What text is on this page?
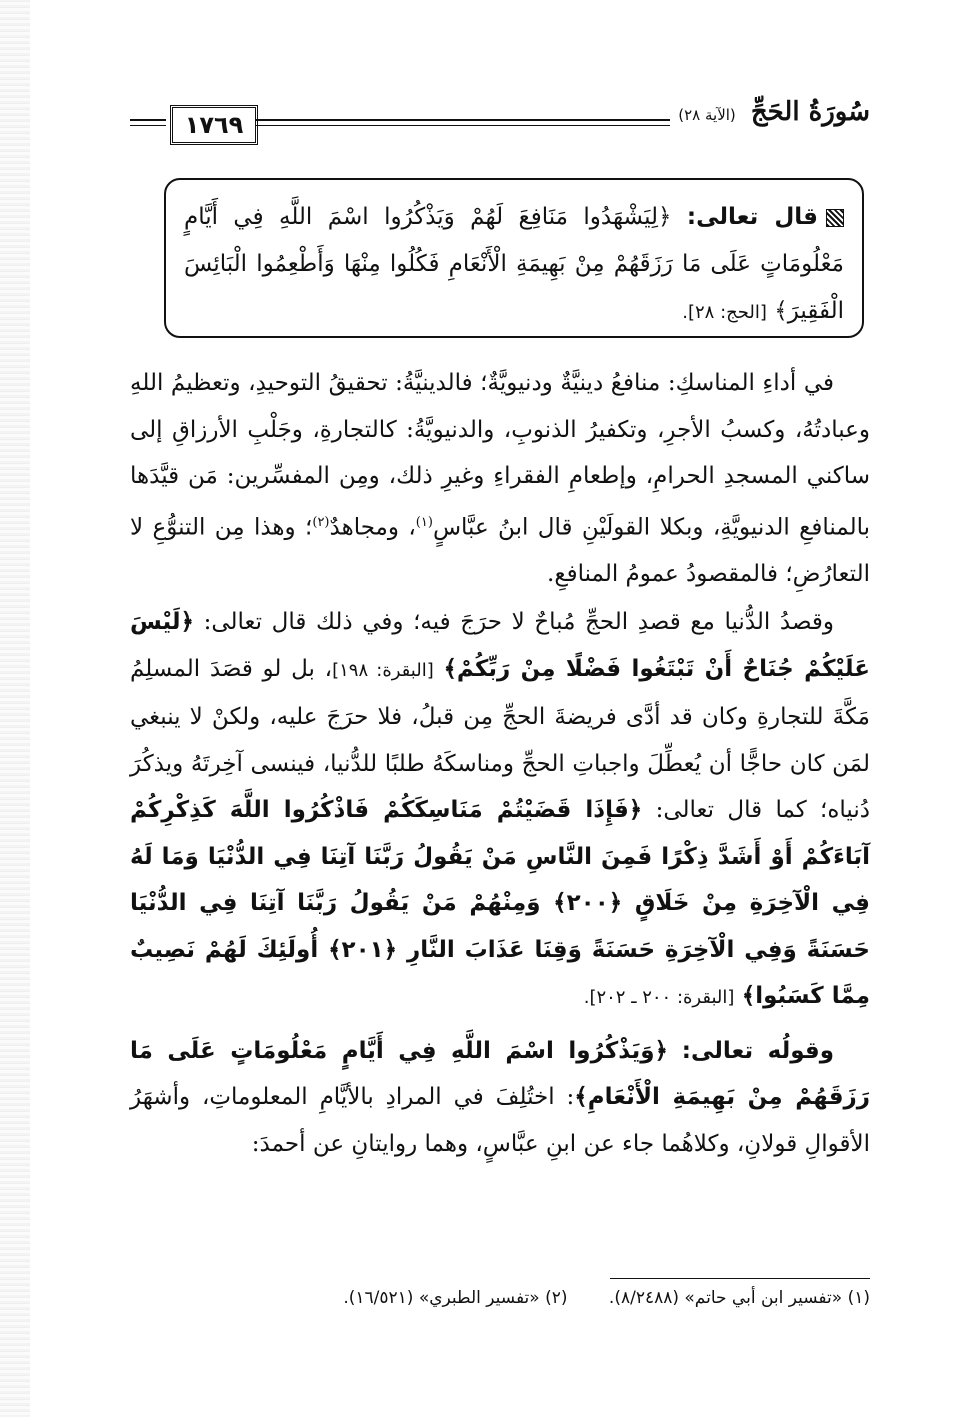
١٧٦٩	سُورَةُ الحَجِّ (الآية ٢٨)
قال تعالى: ﴿لِيَشْهَدُوا مَنَافِعَ لَهُمْ وَيَذْكُرُوا اسْمَ اللَّهِ فِي أَيَّامٍ مَعْلُومَاتٍ عَلَى مَا رَزَقَهُمْ مِنْ بَهِيمَةِ الْأَنْعَامِ فَكُلُوا مِنْهَا وَأَطْعِمُوا الْبَائِسَ الْفَقِيرَ﴾ [الحج: ٢٨].

في أداءِ المناسكِ: منافعُ دينيَّةٌ ودنيويَّةٌ؛ فالدينيَّةُ: تحقيقُ التوحيدِ، وتعظيمُ اللهِ وعبادتُهُ، وكسبُ الأجرِ، وتكفيرُ الذنوبِ، والدنيويَّةُ: كالتجارةِ، وجَلْبِ الأرزاقِ إلى ساكني المسجدِ الحرامِ، وإطعامِ الفقراءِ وغيرِ ذلك، ومِن المفسِّرين: مَن قيَّدَها بالمنافعِ الدنيويَّةِ، وبكلا القولَيْنِ قال ابنُ عبَّاسٍ$^{(١)}$، ومجاهدٌ$^{(٢)}$؛ وهذا مِن التنوُّعِ لا التعارُضِ؛ فالمقصودُ عمومُ المنافعِ.

وقصدُ الدُّنيا مع قصدِ الحجِّ مُباحٌ لا حرَجَ فيه؛ وفي ذلك قال تعالى: ﴿لَيْسَ عَلَيْكُمْ جُنَاحٌ أَنْ تَبْتَغُوا فَضْلًا مِنْ رَبِّكُمْ﴾ [البقرة: ١٩٨]، بل لو قصَدَ المسلِمُ مَكَّةَ للتجارةِ وكان قد أدَّى فريضةَ الحجِّ مِن قبلُ، فلا حرَجَ عليه، ولكنْ لا ينبغي لمَن كان حاجًّا أن يُعطِّلَ واجباتِ الحجِّ ومناسكَهُ طلبًا للدُّنيا، فينسى آخِرتَهُ ويذكُرَ دُنياه؛ كما قال تعالى: ﴿فَإِذَا قَضَيْتُمْ مَنَاسِكَكُمْ فَاذْكُرُوا اللَّهَ كَذِكْرِكُمْ آبَاءَكُمْ أَوْ أَشَدَّ ذِكْرًا فَمِنَ النَّاسِ مَنْ يَقُولُ رَبَّنَا آتِنَا فِي الدُّنْيَا وَمَا لَهُ فِي الْآخِرَةِ مِنْ خَلَاقٍ ﴿٢٠٠﴾ وَمِنْهُمْ مَنْ يَقُولُ رَبَّنَا آتِنَا فِي الدُّنْيَا حَسَنَةً وَفِي الْآخِرَةِ حَسَنَةً وَقِنَا عَذَابَ النَّارِ ﴿٢٠١﴾ أُولَئِكَ لَهُمْ نَصِيبٌ مِمَّا كَسَبُوا﴾ [البقرة: ٢٠٠ ـ ٢٠٢].

وقولُه تعالى: ﴿وَيَذْكُرُوا اسْمَ اللَّهِ فِي أَيَّامٍ مَعْلُومَاتٍ عَلَى مَا رَزَقَهُمْ مِنْ بَهِيمَةِ الْأَنْعَامِ﴾: اختُلِفَ في المرادِ بالأيَّامِ المعلوماتِ، وأشهَرُ الأقوالِ قولانِ، وكلاهُما جاء عن ابنِ عبَّاسٍ، وهما روايتانِ عن أحمدَ:

(١) «تفسير ابن أبي حاتم» (٨/٢٤٨٨). (٢) «تفسير الطبري» (١٦/٥٢١).
